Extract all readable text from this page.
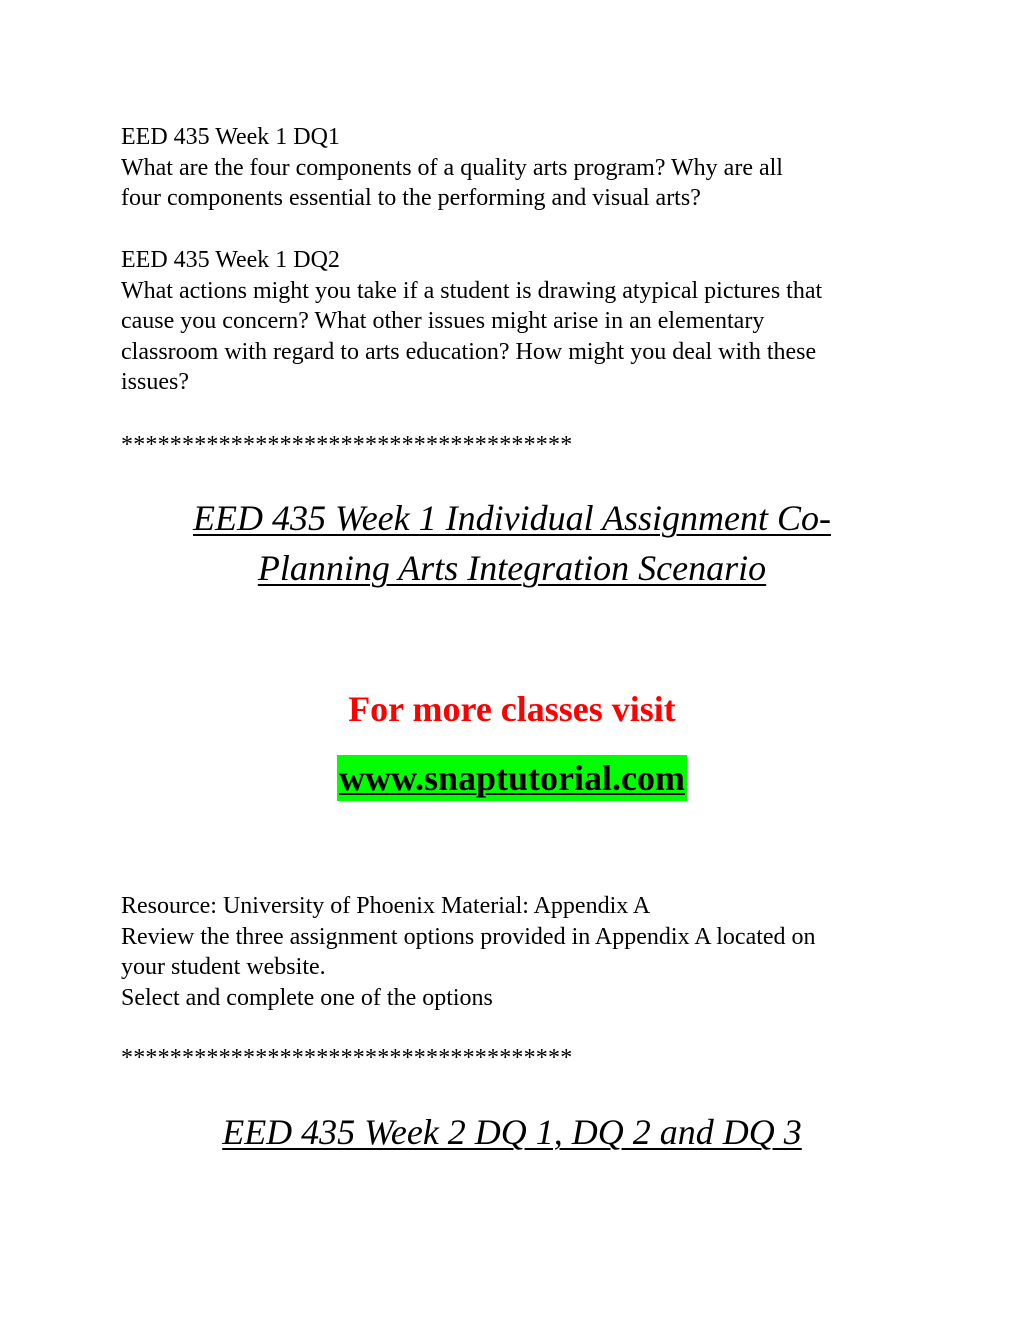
EED 435 Week 1 DQ1

What are the four components of a quality arts program? Why are all

four components essential to the performing and visual arts?

EED 435 Week 1 DQ2

What actions might you take if a student is drawing atypical pictures that

cause you concern? What other issues might arise in an elementary

classroom with regard to arts education? How might you deal with these

issues?

*************************************
EED 435 Week 1 Individual Assignment Co-
Planning Arts Integration Scenario
For more classes visit
www.snaptutorial.com

Resource: University of Phoenix Material: Appendix A

Review the three assignment options provided in Appendix A located on

your student website.

Select and complete one of the options

*************************************
EED 435 Week 2 DQ 1, DQ 2 and DQ 3
